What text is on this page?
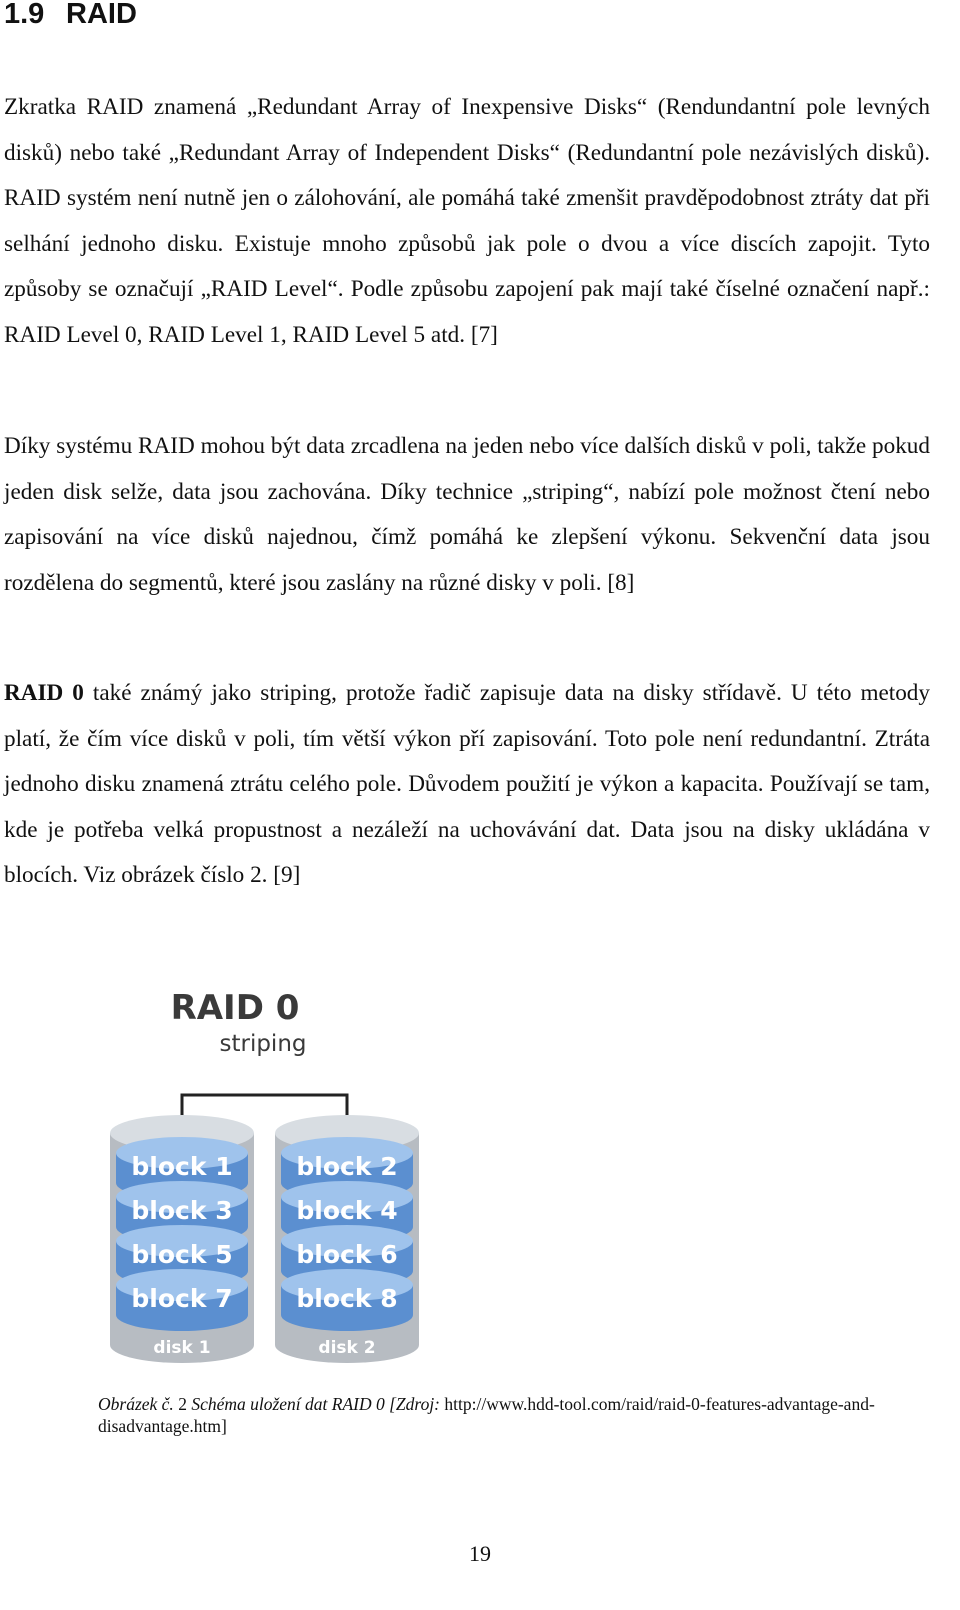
1.9 RAID

Zkratka RAID znamená „Redundant Array of Inexpensive Disks“ (Rendundantní pole levných disků) nebo také „Redundant Array of Independent Disks“ (Redundantní pole nezávislých disků). RAID systém není nutně jen o zálohování, ale pomáhá také zmenšit pravděpodobnost ztráty dat při selhání jednoho disku. Existuje mnoho způsobů jak pole o dvou a více discích zapojit. Tyto způsoby se označují „RAID Level“. Podle způsobu zapojení pak mají také číselné označení např.: RAID Level 0, RAID Level 1, RAID Level 5 atd. [7]

Díky systému RAID mohou být data zrcadlena na jeden nebo více dalších disků v poli, takže pokud jeden disk selže, data jsou zachována. Díky technice „striping“, nabízí pole možnost čtení nebo zapisování na více disků najednou, čímž pomáhá ke zlepšení výkonu. Sekvenční data jsou rozdělena do segmentů, které jsou zaslány na různé disky v poli. [8]

RAID 0 také známý jako striping, protože řadič zapisuje data na disky střídavě. U této metody platí, že čím více disků v poli, tím větší výkon pří zapisování. Toto pole není redundantní. Ztráta jednoho disku znamená ztrátu celého pole. Důvodem použití je výkon a kapacita. Používají se tam, kde je potřeba velká propustnost a nezáleží na uchovávání dat. Data jsou na disky ukládána v blocích. Viz obrázek číslo 2. [9]

RAID 0
striping
block 1
block 3
block 5
block 7
disk 1
block 2
block 4
block 6
block 8
disk 2

Obrázek č. 2 Schéma uložení dat RAID 0 [Zdroj: http://www.hdd-tool.com/raid/raid-0-features-advantage-and-disadvantage.htm]

19
